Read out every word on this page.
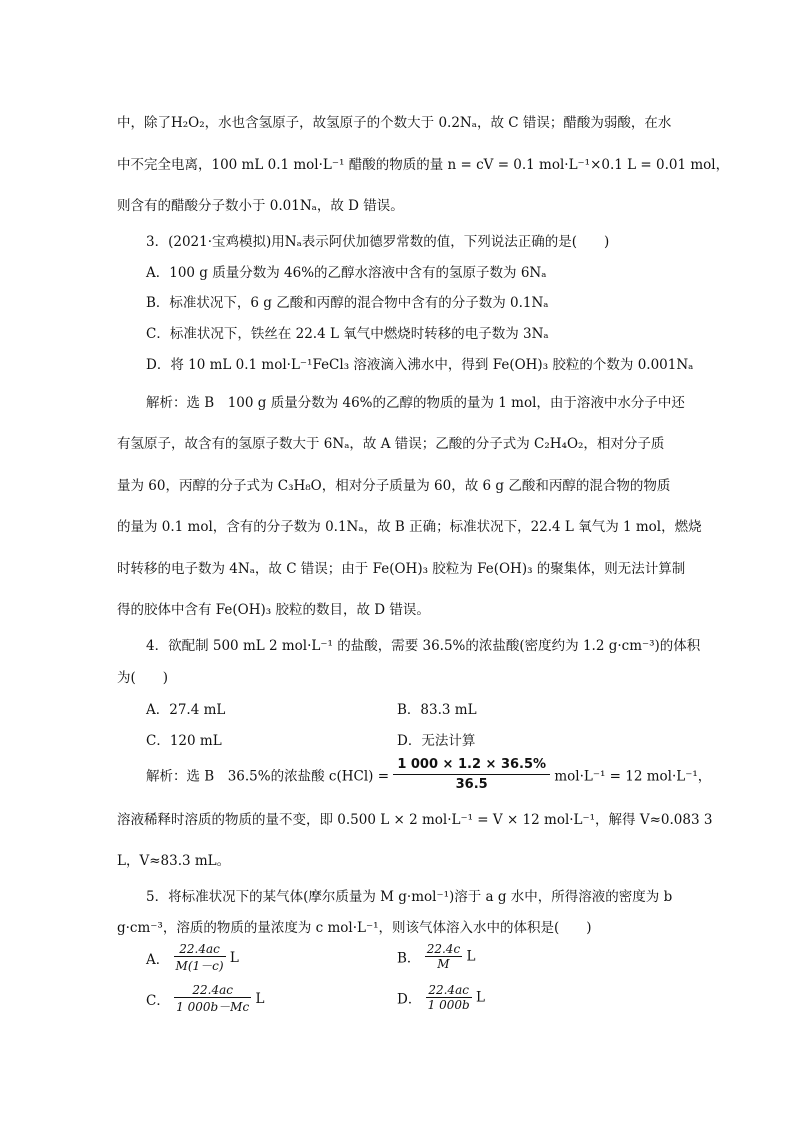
中，除了H₂O₂，水也含氢原子，故氢原子的个数大于 0.2Nₐ，故 C 错误；醋酸为弱酸，在水
中不完全电离，100 mL 0.1 mol·L⁻¹ 醋酸的物质的量 n = cV = 0.1 mol·L⁻¹×0.1 L = 0.01 mol，
则含有的醋酸分子数小于 0.01Nₐ，故 D 错误。
3．(2021·宝鸡模拟)用Nₐ表示阿伏加德罗常数的值，下列说法正确的是(　　)
A．100 g 质量分数为 46%的乙醇水溶液中含有的氢原子数为 6Nₐ
B．标准状况下，6 g 乙酸和丙醇的混合物中含有的分子数为 0.1Nₐ
C．标准状况下，铁丝在 22.4 L 氧气中燃烧时转移的电子数为 3Nₐ
D．将 10 mL 0.1 mol·L⁻¹FeCl₃ 溶液滴入沸水中，得到 Fe(OH)₃ 胶粒的个数为 0.001Nₐ
解析：选 B　100 g 质量分数为 46%的乙醇的物质的量为 1 mol，由于溶液中水分子中还
有氢原子，故含有的氢原子数大于 6Nₐ，故 A 错误；乙酸的分子式为 C₂H₄O₂，相对分子质
量为 60，丙醇的分子式为 C₃H₈O，相对分子质量为 60，故 6 g 乙酸和丙醇的混合物的物质
的量为 0.1 mol，含有的分子数为 0.1Nₐ，故 B 正确；标准状况下，22.4 L 氧气为 1 mol，燃烧
时转移的电子数为 4Nₐ，故 C 错误；由于 Fe(OH)₃ 胶粒为 Fe(OH)₃ 的聚集体，则无法计算制
得的胶体中含有 Fe(OH)₃ 胶粒的数目，故 D 错误。
4．欲配制 500 mL 2 mol·L⁻¹ 的盐酸，需要 36.5%的浓盐酸(密度约为 1.2 g·cm⁻³)的体积
为(　　)
A．27.4 mL	B．83.3 mL
C．120 mL	D．无法计算
解析：选 B　36.5%的浓盐酸 $c(HCl) = \frac{1 000 \times 1.2 \times 36.5\%}{36.5} mol\cdot L^{-1} = 12$ mol·L⁻¹，
溶液稀释时溶质的物质的量不变，即 0.500 L × 2 mol·L⁻¹ = V × 12 mol·L⁻¹，解得 V≈0.083 3
L，V≈83.3 mL。
5．将标准状况下的某气体(摩尔质量为 M g·mol⁻¹)溶于 a g 水中，所得溶液的密度为 b
g·cm⁻³，溶质的物质的量浓度为 c mol·L⁻¹，则该气体溶入水中的体积是(　　)
A． $\frac{22.4ac}{M(1-c)}$ L	B． $\frac{22.4c}{M}$ L
C． $\frac{22.4ac}{1 000b-Mc}$ L	D． $\frac{22.4ac}{1 000b}$ L
